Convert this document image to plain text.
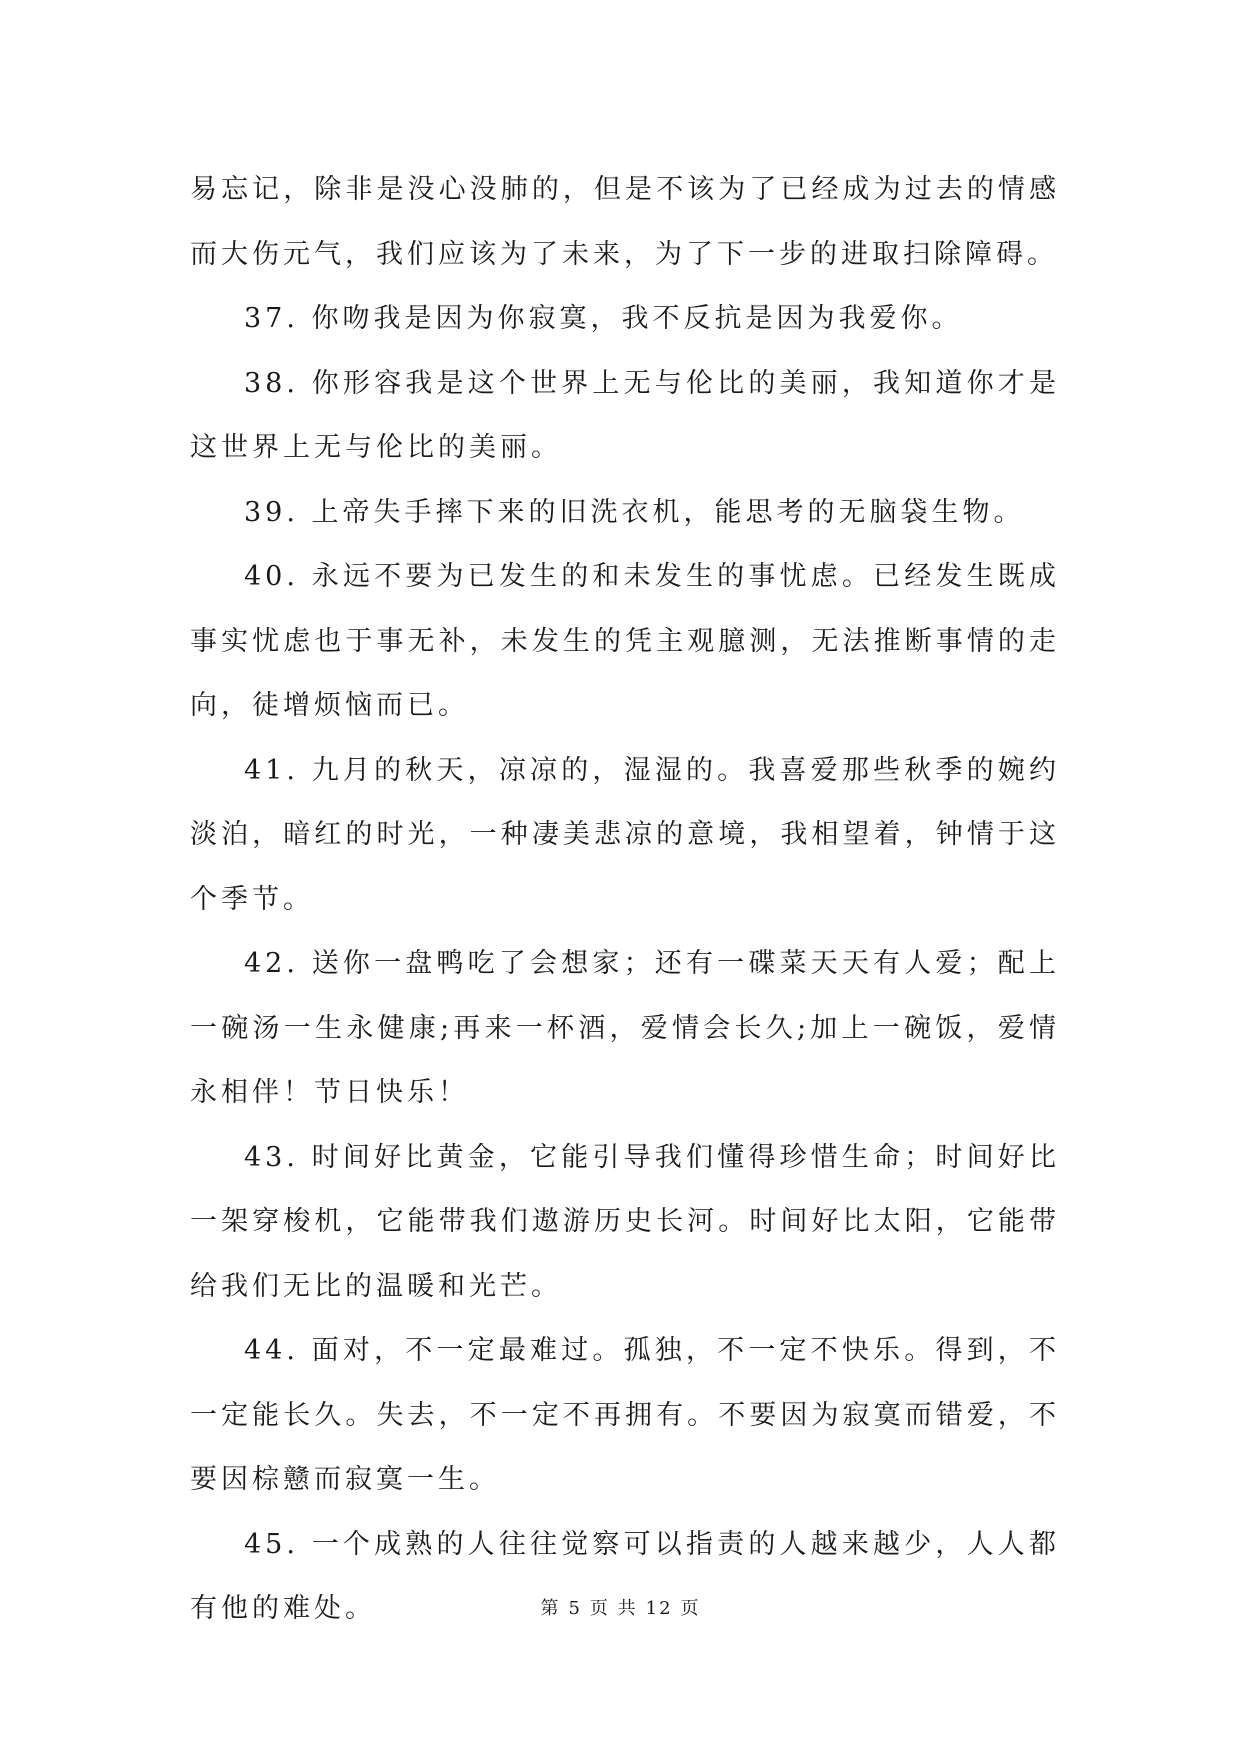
易忘记，除非是没心没肺的，但是不该为了已经成为过去的情感而大伤元气，我们应该为了未来，为了下一步的进取扫除障碍。

37. 你吻我是因为你寂寞，我不反抗是因为我爱你。

38. 你形容我是这个世界上无与伦比的美丽，我知道你才是这世界上无与伦比的美丽。

39. 上帝失手摔下来的旧洗衣机，能思考的无脑袋生物。

40. 永远不要为已发生的和未发生的事忧虑。已经发生既成事实忧虑也于事无补，未发生的凭主观臆测，无法推断事情的走向，徒增烦恼而已。

41. 九月的秋天，凉凉的，湿湿的。我喜爱那些秋季的婉约淡泊，暗红的时光，一种凄美悲凉的意境，我相望着，钟情于这个季节。

42. 送你一盘鸭吃了会想家；还有一碟菜天天有人爱；配上一碗汤一生永健康;再来一杯酒，爱情会长久;加上一碗饭，爱情永相伴！节日快乐！

43. 时间好比黄金，它能引导我们懂得珍惜生命；时间好比一架穿梭机，它能带我们遨游历史长河。时间好比太阳，它能带给我们无比的温暖和光芒。

44. 面对，不一定最难过。孤独，不一定不快乐。得到，不一定能长久。失去，不一定不再拥有。不要因为寂寞而错爱，不要因棕戆而寂寞一生。

45. 一个成熟的人往往觉察可以指责的人越来越少，人人都有他的难处。	第 5 页 共 12 页
